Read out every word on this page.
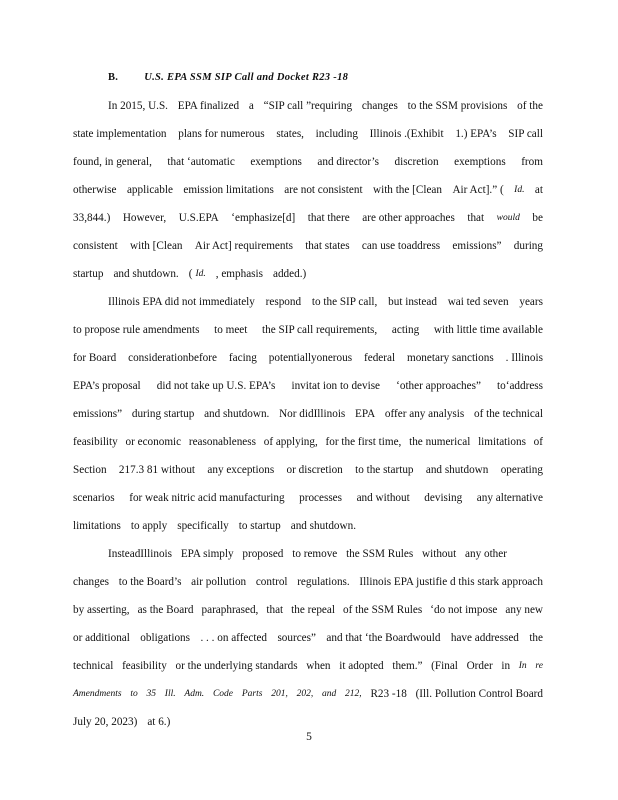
B. U.S. EPA SSM SIP Call and Docket R23 -18
In 2015, U.S. EPA finalized a “SIP call ”requiring changes to the SSM provisions of the
state implementation plans for numerous states, including Illinois .(Exhibit 1.) EPA’s SIP call
found, in general, that ‘automatic exemptions and director’s discretion exemptions from
otherwise applicable emission limitations are not consistent with the [Clean Air Act].” ( Id. at
33,844.) However, U.S.EPA ‘emphasize[d] that there are other approaches that would be
consistent with [Clean Air Act] requirements that states can use toaddress emissions” during
startup and shutdown. ( Id. , emphasis added.)
Illinois EPA did not immediately respond to the SIP call, but instead wai ted seven years
to propose rule amendments to meet the SIP call requirements, acting with little time available
for Board considerationbefore facing potentiallyonerous federal monetary sanctions . Illinois
EPA’s proposal did not take up U.S. EPA’s invitat ion to devise ‘other approaches” to‘address
emissions” during startup and shutdown. Nor didIllinois EPA offer any analysis of the technical
feasibility or economic reasonableness of applying, for the first time, the numerical limitations of
Section 217.3 81 without any exceptions or discretion to the startup and shutdown operating
scenarios for weak nitric acid manufacturing processes and without devising any alternative
limitations to apply specifically to startup and shutdown.
InsteadIllinois EPA simply proposed to remove the SSM Rules without any other
changes to the Board’s air pollution control regulations. Illinois EPA justifie d this stark approach
by asserting, as the Board paraphrased, that the repeal of the SSM Rules ‘do not impose any new
or additional obligations . . . on affected sources” and that ‘the Boardwould have addressed the
technical feasibility or the underlying standards when it adopted them.” (Final Order in In re
Amendments to 35 Ill. Adm. Code Parts 201, 202, and 212, R23 -18 (Ill. Pollution Control Board
July 20, 2023) at 6.)
5
